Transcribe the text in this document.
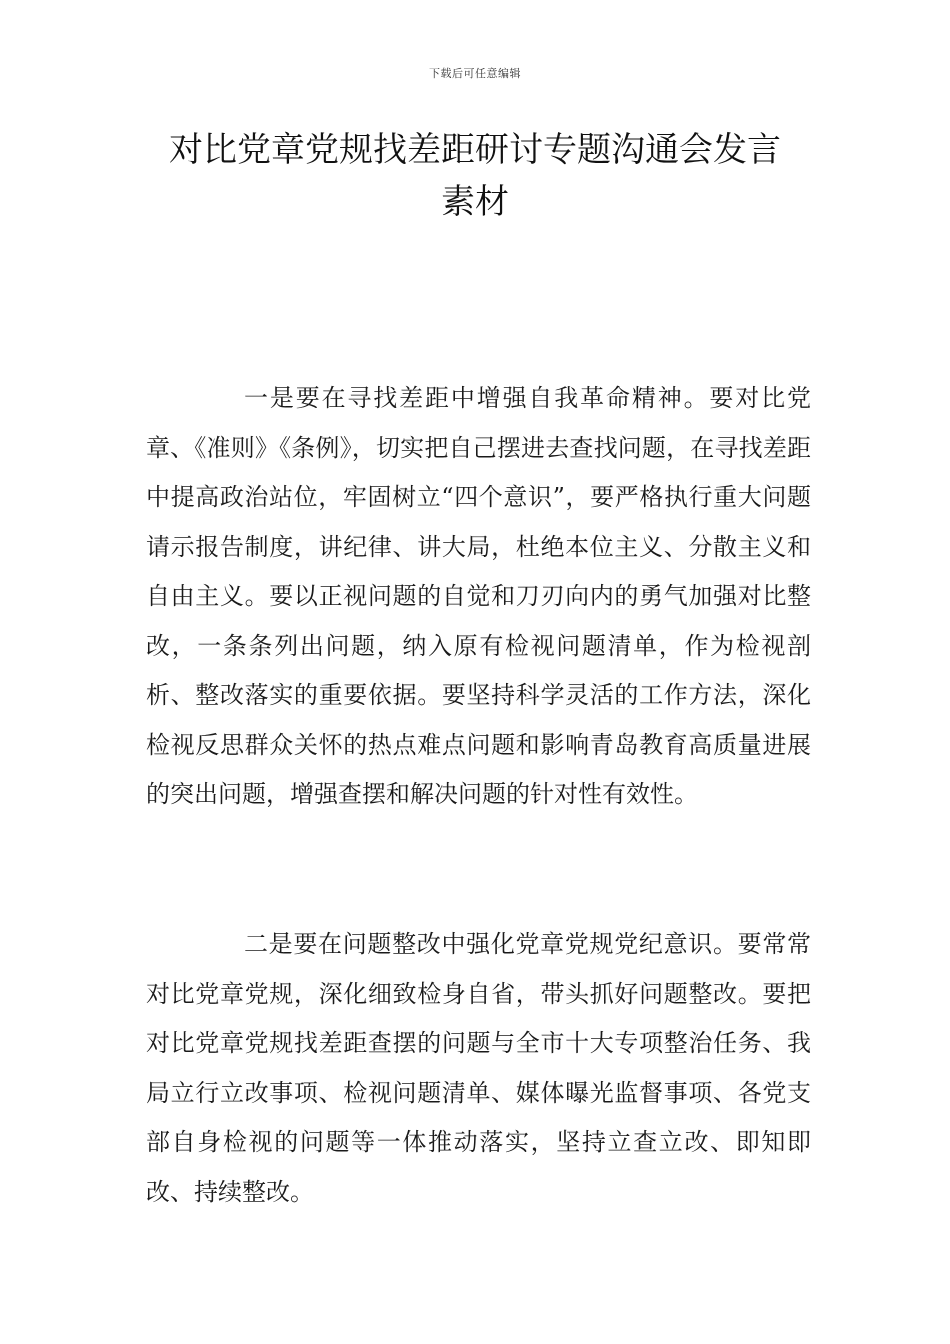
下载后可任意编辑
对比党章党规找差距研讨专题沟通会发言
素材

一是要在寻找差距中增强自我革命精神。要对比党章、《准则》《条例》，切实把自己摆进去查找问题，在寻找差距中提高政治站位，牢固树立“四个意识”，要严格执行重大问题请示报告制度，讲纪律、讲大局，杜绝本位主义、分散主义和自由主义。要以正视问题的自觉和刀刃向内的勇气加强对比整改，一条条列出问题，纳入原有检视问题清单，作为检视剖析、整改落实的重要依据。要坚持科学灵活的工作方法，深化检视反思群众关怀的热点难点问题和影响青岛教育高质量进展的突出问题，增强查摆和解决问题的针对性有效性。

二是要在问题整改中强化党章党规党纪意识。要常常对比党章党规，深化细致检身自省，带头抓好问题整改。要把对比党章党规找差距查摆的问题与全市十大专项整治任务、我局立行立改事项、检视问题清单、媒体曝光监督事项、各党支部自身检视的问题等一体推动落实，坚持立查立改、即知即改、持续整改。
